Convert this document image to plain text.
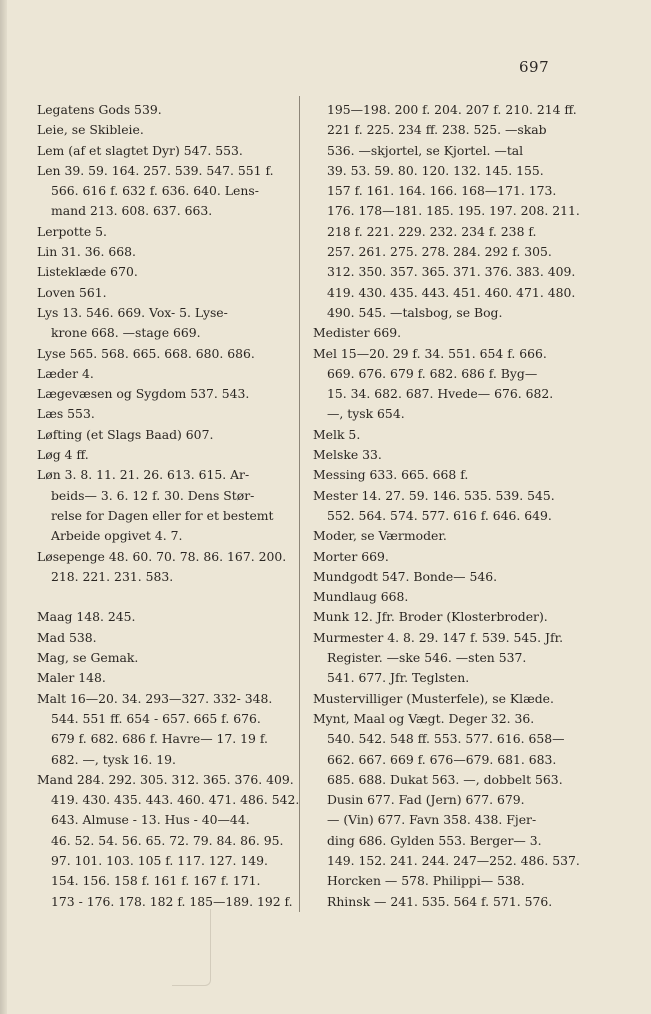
697
Legatens Gods 539.
Leie, se Skibleie.
Lem (af et slagtet Dyr) 547. 553.
Len 39. 59. 164. 257. 539. 547. 551 f.
566. 616 f. 632 f. 636. 640. Lens-
mand 213. 608. 637. 663.
Lerpotte 5.
Lin 31. 36. 668.
Listeklæde 670.
Loven 561.
Lys 13. 546. 669. Vox- 5. Lyse-
krone 668. —stage 669.
Lyse 565. 568. 665. 668. 680. 686.
Læder 4.
Lægevæsen og Sygdom 537. 543.
Læs 553.
Løfting (et Slags Baad) 607.
Løg 4 ff.
Løn 3. 8. 11. 21. 26. 613. 615. Ar-
beids— 3. 6. 12 f. 30. Dens Stør-
relse for Dagen eller for et bestemt
Arbeide opgivet 4. 7.
Løsepenge 48. 60. 70. 78. 86. 167. 200.
218. 221. 231. 583.
Maag 148. 245.
Mad 538.
Mag, se Gemak.
Maler 148.
Malt 16—20. 34. 293—327. 332- 348.
544. 551 ff. 654 - 657. 665 f. 676.
679 f. 682. 686 f. Havre— 17. 19 f.
682. —, tysk 16. 19.
Mand 284. 292. 305. 312. 365. 376. 409.
419. 430. 435. 443. 460. 471. 486. 542.
643. Almuse - 13. Hus - 40—44.
46. 52. 54. 56. 65. 72. 79. 84. 86. 95.
97. 101. 103. 105 f. 117. 127. 149.
154. 156. 158 f. 161 f. 167 f. 171.
173 - 176. 178. 182 f. 185—189. 192 f.
195—198. 200 f. 204. 207 f. 210. 214 ff.
221 f. 225. 234 ff. 238. 525. —skab
536. —skjortel, se Kjortel. —tal
39. 53. 59. 80. 120. 132. 145. 155.
157 f. 161. 164. 166. 168—171. 173.
176. 178—181. 185. 195. 197. 208. 211.
218 f. 221. 229. 232. 234 f. 238 f.
257. 261. 275. 278. 284. 292 f. 305.
312. 350. 357. 365. 371. 376. 383. 409.
419. 430. 435. 443. 451. 460. 471. 480.
490. 545. —talsbog, se Bog.
Medister 669.
Mel 15—20. 29 f. 34. 551. 654 f. 666.
669. 676. 679 f. 682. 686 f. Byg—
15. 34. 682. 687. Hvede— 676. 682.
—, tysk 654.
Melk 5.
Melske 33.
Messing 633. 665. 668 f.
Mester 14. 27. 59. 146. 535. 539. 545.
552. 564. 574. 577. 616 f. 646. 649.
Moder, se Værmoder.
Morter 669.
Mundgodt 547. Bonde— 546.
Mundlaug 668.
Munk 12. Jfr. Broder (Klosterbroder).
Murmester 4. 8. 29. 147 f. 539. 545. Jfr.
Register. —ske 546. —sten 537.
541. 677. Jfr. Teglsten.
Mustervilliger (Musterfele), se Klæde.
Mynt, Maal og Vægt. Deger 32. 36.
540. 542. 548 ff. 553. 577. 616. 658—
662. 667. 669 f. 676—679. 681. 683.
685. 688. Dukat 563. —, dobbelt 563.
Dusin 677. Fad (Jern) 677. 679.
— (Vin) 677. Favn 358. 438. Fjer-
ding 686. Gylden 553. Berger— 3.
149. 152. 241. 244. 247—252. 486. 537.
Horcken — 578. Philippi— 538.
Rhinsk — 241. 535. 564 f. 571. 576.
